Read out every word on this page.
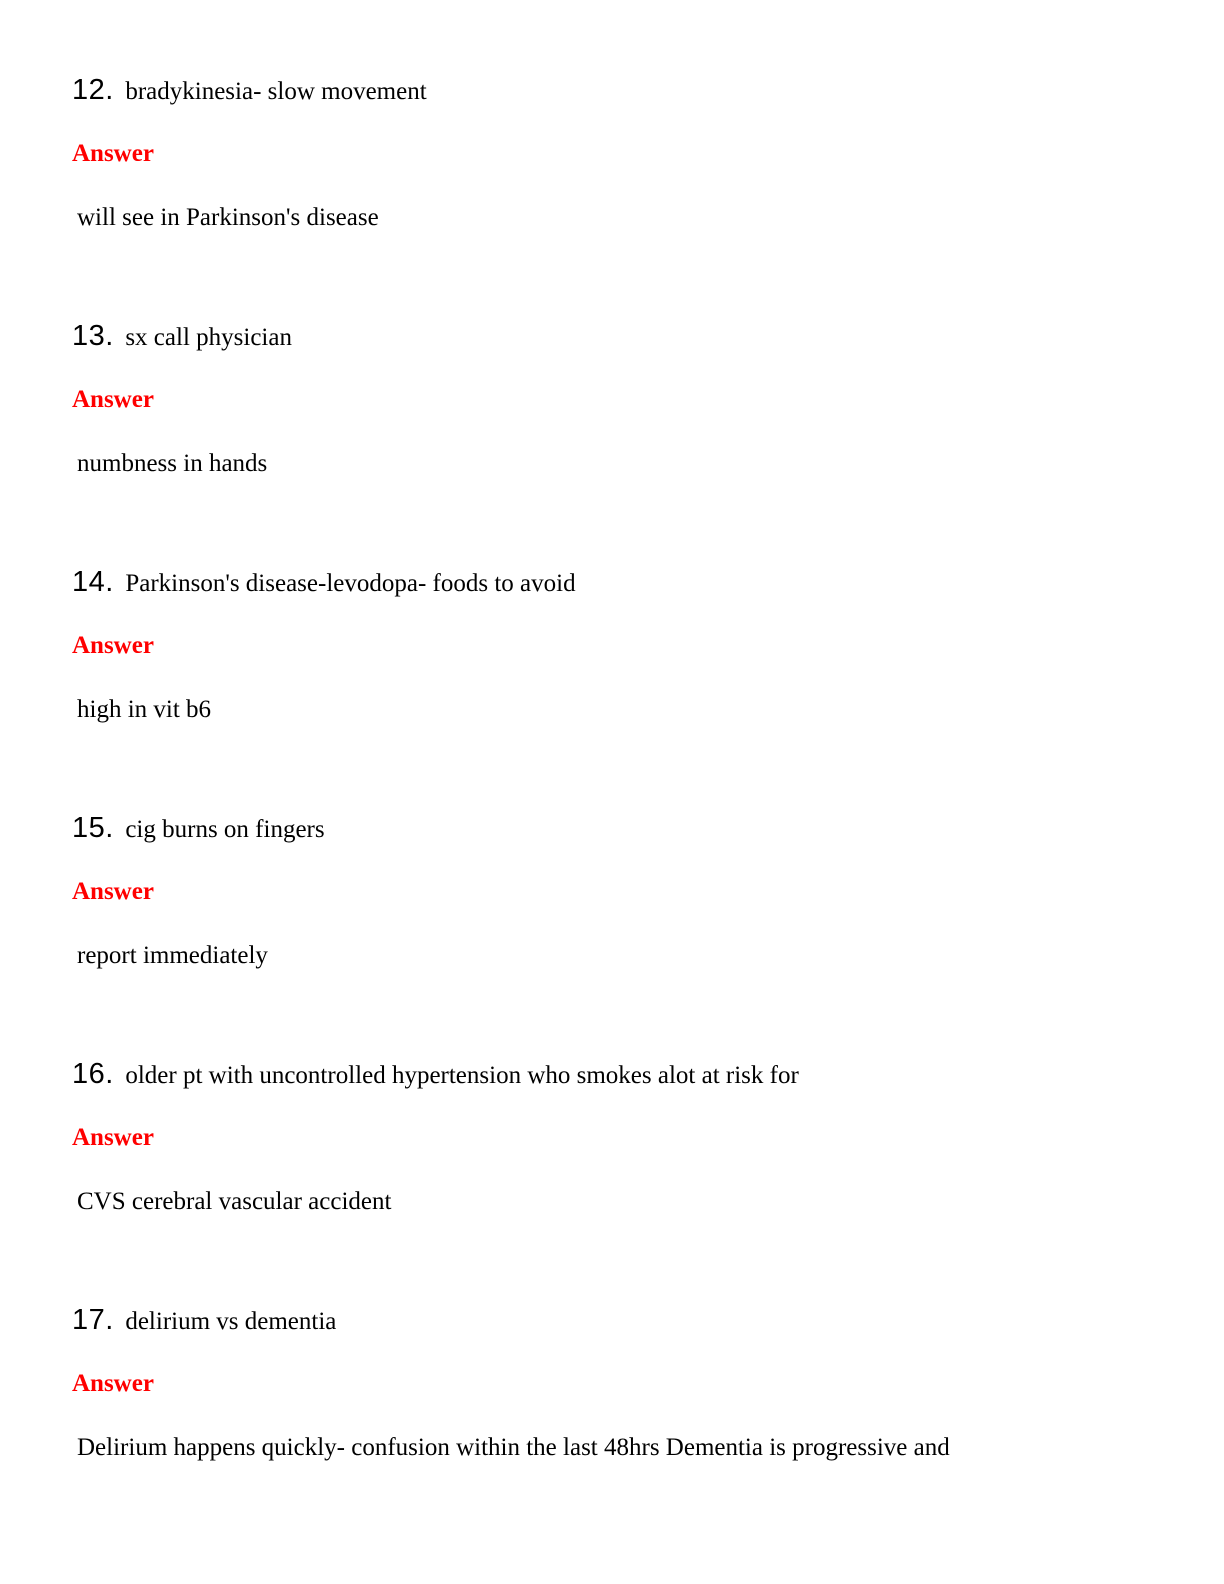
12. bradykinesia- slow movement
Answer
will see in Parkinson's disease
13. sx call physician
Answer
numbness in hands
14. Parkinson's disease-levodopa- foods to avoid
Answer
high in vit b6
15. cig burns on fingers
Answer
report immediately
16. older pt with uncontrolled hypertension who smokes alot at risk for
Answer
CVS cerebral vascular accident
17. delirium vs dementia
Answer
Delirium happens quickly- confusion within the last 48hrs Dementia is progressive and
